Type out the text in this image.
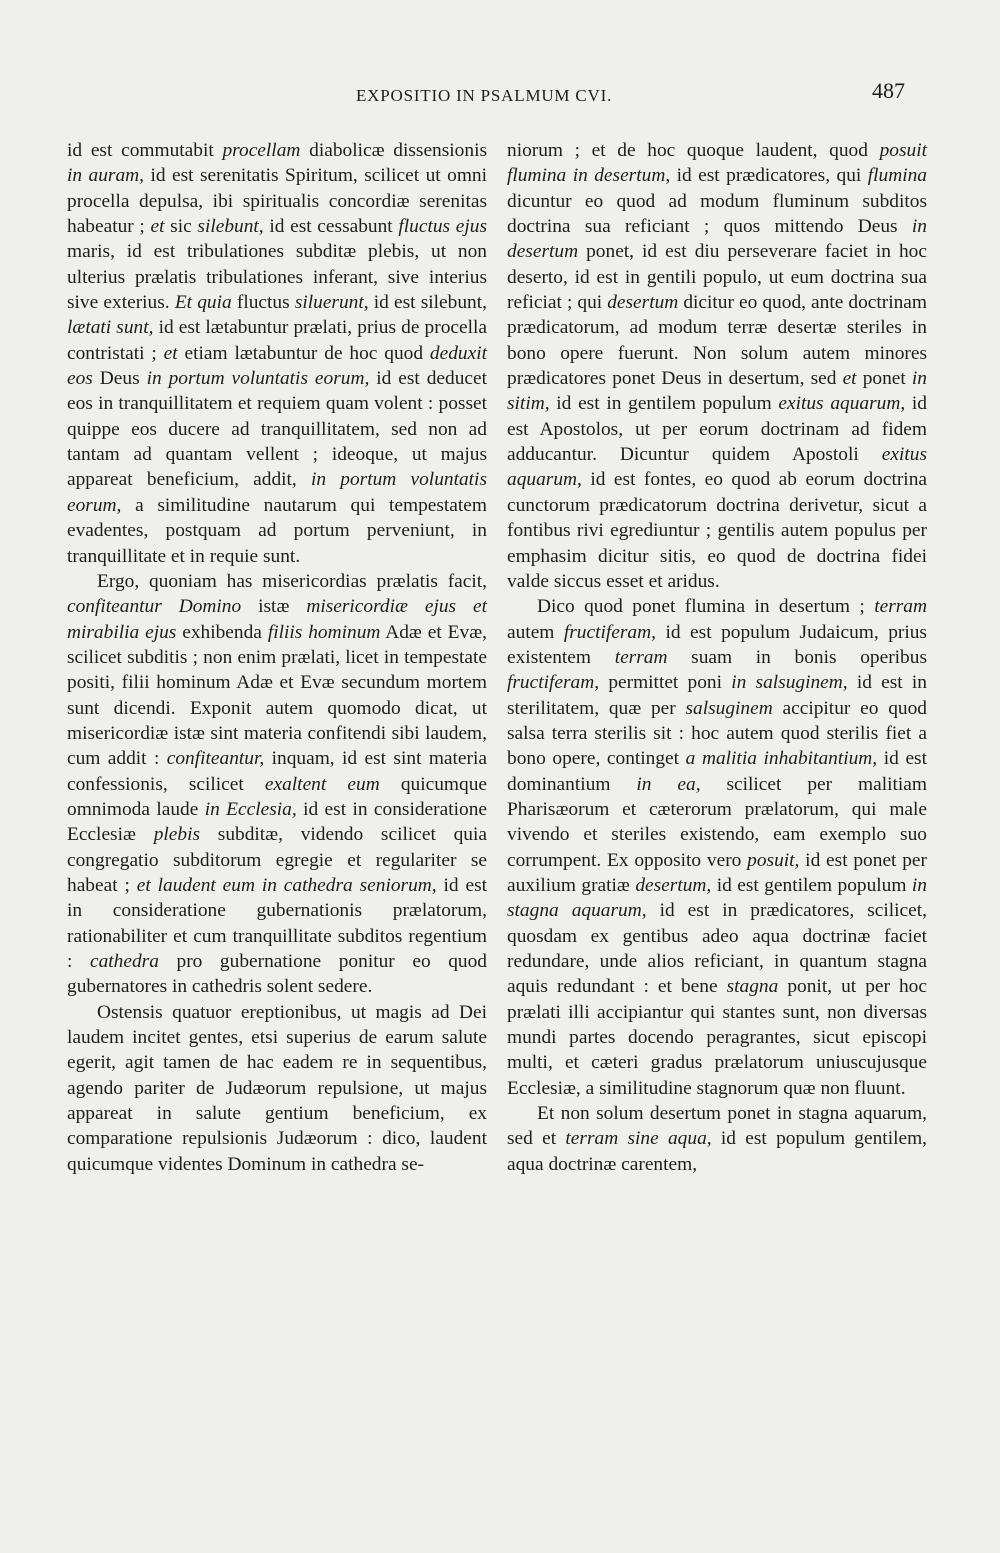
EXPOSITIO IN PSALMUM CVI.	487

id est commutabit procellam diabolicæ dissensionis in auram, id est serenitatis Spiritum, scilicet ut omni procella depulsa, ibi spiritualis concordiæ serenitas habeatur ; et sic silebunt, id est cessabunt fluctus ejus maris, id est tribulationes subditæ plebis, ut non ulterius prælatis tribulationes inferant, sive interius sive exterius. Et quia fluctus siluerunt, id est silebunt, lætati sunt, id est lætabuntur prælati, prius de procella contristati ; et etiam lætabuntur de hoc quod deduxit eos Deus in portum voluntatis eorum, id est deducet eos in tranquillitatem et requiem quam volent : posset quippe eos ducere ad tranquillitatem, sed non ad tantam ad quantam vellent ; ideoque, ut majus appareat beneficium, addit, in portum voluntatis eorum, a similitudine nautarum qui tempestatem evadentes, postquam ad portum perveniunt, in tranquillitate et in requie sunt.

Ergo, quoniam has misericordias prælatis facit, confiteantur Domino istæ misericordiæ ejus et mirabilia ejus exhibenda filiis hominum Adæ et Evæ, scilicet subditis ; non enim prælati, licet in tempestate positi, filii hominum Adæ et Evæ secundum mortem sunt dicendi. Exponit autem quomodo dicat, ut misericordiæ istæ sint materia confitendi sibi laudem, cum addit : confiteantur, inquam, id est sint materia confessionis, scilicet exaltent eum quicumque omnimoda laude in Ecclesia, id est in consideratione Ecclesiæ plebis subditæ, videndo scilicet quia congregatio subditorum egregie et regulariter se habeat ; et laudent eum in cathedra seniorum, id est in consideratione gubernationis prælatorum, rationabiliter et cum tranquillitate subditos regentium : cathedra pro gubernatione ponitur eo quod gubernatores in cathedris solent sedere.

Ostensis quatuor ereptionibus, ut magis ad Dei laudem incitet gentes, etsi superius de earum salute egerit, agit tamen de hac eadem re in sequentibus, agendo pariter de Judæorum repulsione, ut majus appareat in salute gentium beneficium, ex comparatione repulsionis Judæorum : dico, laudent quicumque videntes Dominum in cathedra se-

niorum ; et de hoc quoque laudent, quod posuit flumina in desertum, id est prædicatores, qui flumina dicuntur eo quod ad modum fluminum subditos doctrina sua reficiant ; quos mittendo Deus in desertum ponet, id est diu perseverare faciet in hoc deserto, id est in gentili populo, ut eum doctrina sua reficiat ; qui desertum dicitur eo quod, ante doctrinam prædicatorum, ad modum terræ desertæ steriles in bono opere fuerunt. Non solum autem minores prædicatores ponet Deus in desertum, sed et ponet in sitim, id est in gentilem populum exitus aquarum, id est Apostolos, ut per eorum doctrinam ad fidem adducantur. Dicuntur quidem Apostoli exitus aquarum, id est fontes, eo quod ab eorum doctrina cunctorum prædicatorum doctrina derivetur, sicut a fontibus rivi egrediuntur ; gentilis autem populus per emphasim dicitur sitis, eo quod de doctrina fidei valde siccus esset et aridus.

Dico quod ponet flumina in desertum ; terram autem fructiferam, id est populum Judaicum, prius existentem terram suam in bonis operibus fructiferam, permittet poni in salsuginem, id est in sterilitatem, quæ per salsuginem accipitur eo quod salsa terra sterilis sit : hoc autem quod sterilis fiet a bono opere, continget a malitia inhabitantium, id est dominantium in ea, scilicet per malitiam Pharisæorum et cæterorum prælatorum, qui male vivendo et steriles existendo, eam exemplo suo corrumpent. Ex opposito vero posuit, id est ponet per auxilium gratiæ desertum, id est gentilem populum in stagna aquarum, id est in prædicatores, scilicet, quosdam ex gentibus adeo aqua doctrinæ faciet redundare, unde alios reficiant, in quantum stagna aquis redundant : et bene stagna ponit, ut per hoc prælati illi accipiantur qui stantes sunt, non diversas mundi partes docendo peragrantes, sicut episcopi multi, et cæteri gradus prælatorum uniuscujusque Ecclesiæ, a similitudine stagnorum quæ non fluunt.

Et non solum desertum ponet in stagna aquarum, sed et terram sine aqua, id est populum gentilem, aqua doctrinæ carentem,
